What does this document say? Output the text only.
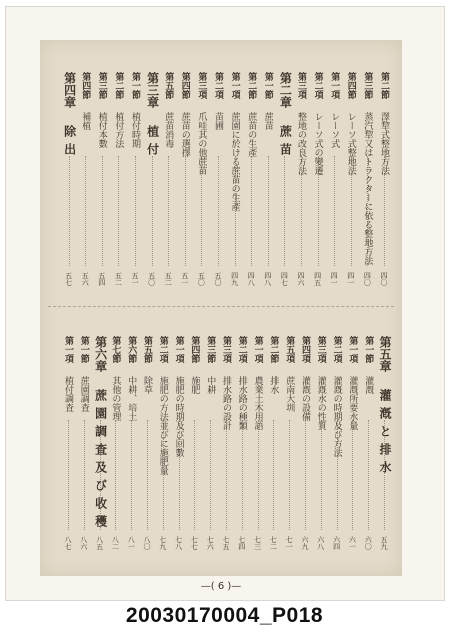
第二節 澤犂式整地方法
四〇
第三節 蒸汽犂又はトラクターに依る整地方法
四〇
第四節 レーソ式整地法
四一
第一項 レーソ式
四一
第二項 レーソ式の變遷
四五
第三項 整地の改良方法
四六
第二章 蔗苗
四七
第一節 蔗苗
四八
第二節 蔗苗の生產
四八
第一項 蔗園に於ける蔗苗の生產
四九
第二項 苗圃
五〇
第三項 爪哇其の他蔗苗
五〇
第四節 蔗苗の選擇
五一
第五節 蔗苗消毒
五二
第三章 植付
五〇
第一節 植付時期
五一
第二節 植付方法
五二
第三節 植付本數
五四
第四節 補植
五六
第四章 除出
五七
第五章 灌漑と排水
五九
第一節 灌漑
六〇
第一項 灌漑所要水量
六一
第二項 灌漑の時期及び方法
六四
第三項 灌漑水の性質
六八
第四項 灌漑の設備
六九
第五項 蔗南大圳
七一
第二節 排水
七二
第一項 農業土木用語
七三
第二項 排水路の種類
七四
第三項 排水路の設計
七五
第三節 中耕
七六
第四節 施肥
七七
第一項 施肥の時期及び回數
七八
第二項 施肥の方法並びに施肥量
七九
第五節 除草
八〇
第六節 中耕、培土
八一
第七節 其他の管理
八二
第六章 蔗園調査及び收穫
八五
第一節 蔗園調査
八六
第一項 植付調査
八七
—( 6 )—
20030170004_P018
